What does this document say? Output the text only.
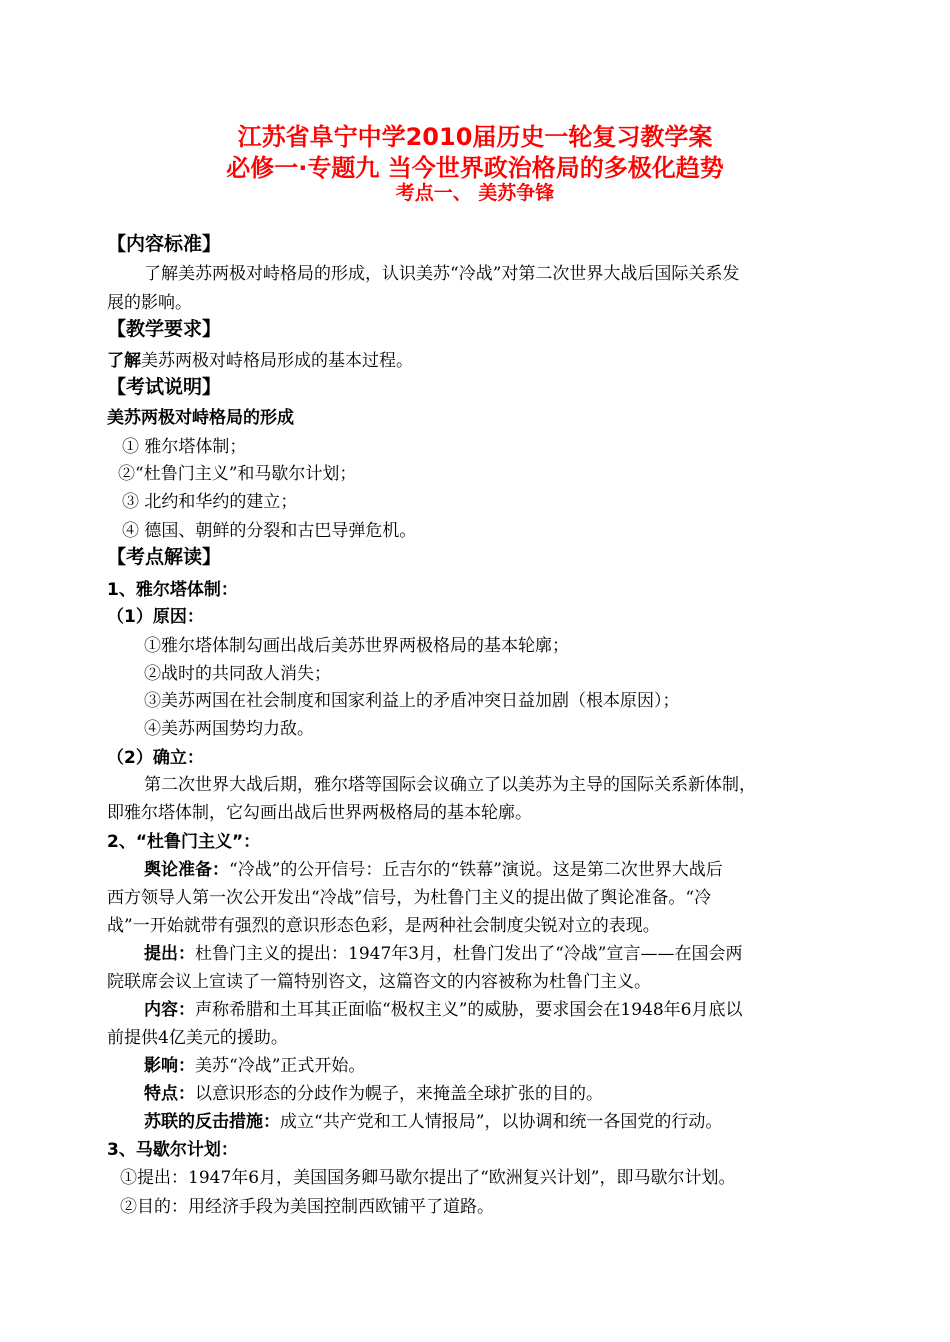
江苏省阜宁中学2010届历史一轮复习教学案
必修一·专题九 当今世界政治格局的多极化趋势
考点一、 美苏争锋
【内容标准】
了解美苏两极对峙格局的形成，认识美苏“冷战”对第二次世界大战后国际关系发
展的影响。
【教学要求】
了解美苏两极对峙格局形成的基本过程。
【考试说明】
美苏两极对峙格局的形成
① 雅尔塔体制；
②“杜鲁门主义”和马歇尔计划；
③ 北约和华约的建立；
④ 德国、朝鲜的分裂和古巴导弹危机。
【考点解读】
1、雅尔塔体制：
（1）原因：
①雅尔塔体制勾画出战后美苏世界两极格局的基本轮廓；
②战时的共同敌人消失；
③美苏两国在社会制度和国家利益上的矛盾冲突日益加剧（根本原因）；
④美苏两国势均力敌。
（2）确立：
第二次世界大战后期，雅尔塔等国际会议确立了以美苏为主导的国际关系新体制，
即雅尔塔体制，它勾画出战后世界两极格局的基本轮廓。
2、“杜鲁门主义”：
舆论准备：“冷战”的公开信号：丘吉尔的“铁幕”演说。这是第二次世界大战后
西方领导人第一次公开发出“冷战”信号，为杜鲁门主义的提出做了舆论准备。“冷
战”一开始就带有强烈的意识形态色彩，是两种社会制度尖锐对立的表现。
提出：杜鲁门主义的提出：1947年3月，杜鲁门发出了“冷战”宣言——在国会两
院联席会议上宣读了一篇特别咨文，这篇咨文的内容被称为杜鲁门主义。
内容：声称希腊和土耳其正面临“极权主义”的威胁，要求国会在1948年6月底以
前提供4亿美元的援助。
影响：美苏“冷战”正式开始。
特点：以意识形态的分歧作为幌子，来掩盖全球扩张的目的。
苏联的反击措施：成立“共产党和工人情报局”，以协调和统一各国党的行动。
3、马歇尔计划：
①提出：1947年6月，美国国务卿马歇尔提出了“欧洲复兴计划”，即马歇尔计划。
②目的：用经济手段为美国控制西欧铺平了道路。
